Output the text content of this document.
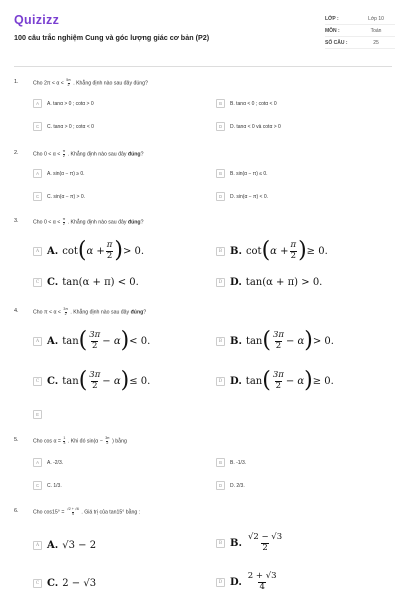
Quizizz
100 câu trắc nghiệm Cung và góc lượng giác cơ bản (P2)
LỚP :	Lớp 10
MÔN :	Toán
SỐ CÂU :	25
1.	Cho $2\pi < \alpha < \frac{5\pi}{2}$ . Khẳng định nào sau đây đúng?
A	A. tanα > 0 ; cotα > 0	B	B. tanα < 0 ; cotα < 0
C	C. tanα > 0 ; cotα < 0	D	D. tanα < 0 và cotα > 0
2.	Cho $0 < \alpha < \frac{\pi}{2}$ . Khẳng định nào sau đây đúng?
A	A. sin(α − π) ≥ 0.	B	B. sin(α − π) ≤ 0.
C	C. sin(α − π) > 0.	D	D. sin(α − π) < 0.
3.	Cho $0 < \alpha < \frac{\pi}{2}$ . Khẳng định nào sau đây đúng?
A A. cot ( $\alpha + \frac{\pi}{2}$ ) > 0.	B B. cot ( $\alpha + \frac{\pi}{2}$ ) ≥ 0.
C C. tan(α + π) < 0.	D D. tan(α + π) > 0.
4.	Cho $\pi < \alpha < \frac{3\pi}{2}$ . Khẳng định nào sau đây đúng?
A A. tan ( $\frac{3\pi}{2} - \alpha$ ) < 0.	B B. tan ( $\frac{3\pi}{2} - \alpha$ ) > 0.
C C. tan ( $\frac{3\pi}{2} - \alpha$ ) ≤ 0.	D D. tan ( $\frac{3\pi}{2} - \alpha$ ) ≥ 0.
E
5.	Cho $\cos \alpha = \frac{1}{3}$ . Khi đó $\sin(\alpha - \frac{3\pi}{2}$ ) bằng
A	A. -2/3.	B	B. -1/3.
C	C. 1/3.	D	D. 2/3.
6.	Cho $\cos 15^\circ = \frac{√2 + √6}{4}$ . Giá trị của tan15° bằng :
A A. √3 − 2	B B. $\frac{√2 - √3}{2}$
C C. 2 − √3	D D. $\frac{2 + √3}{4}$
